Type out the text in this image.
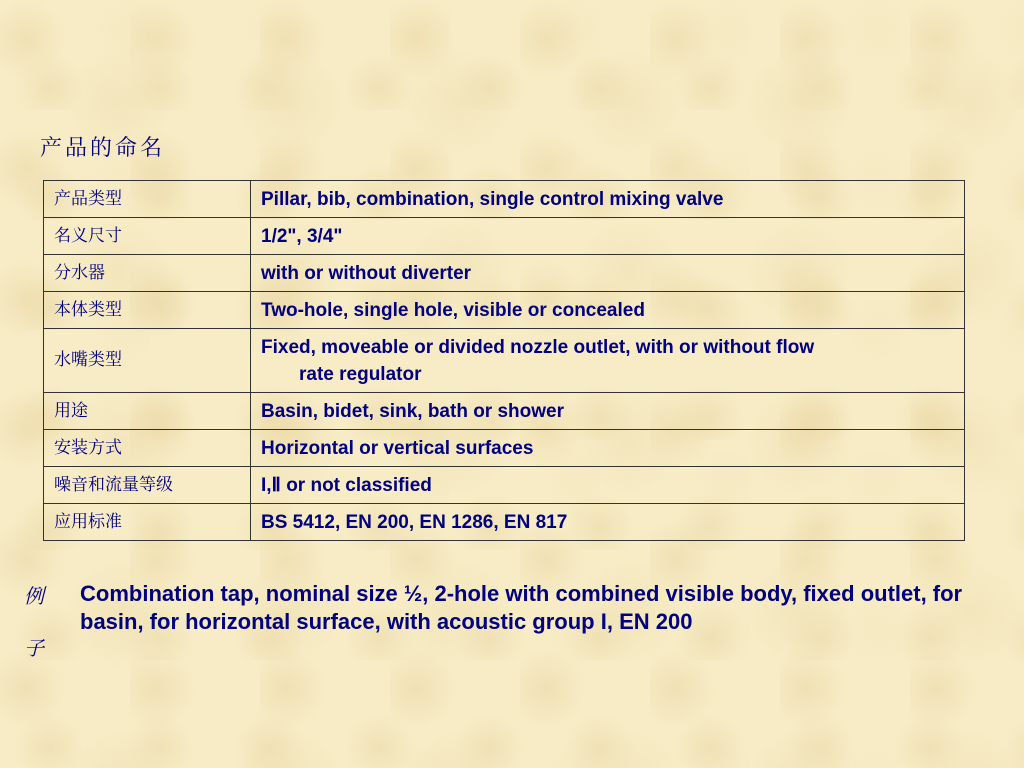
产品的命名
产品类型	Pillar, bib, combination, single control mixing valve
名义尺寸	1/2", 3/4"
分水器	with or without diverter
本体类型	Two-hole, single hole, visible or concealed
水嘴类型	Fixed, moveable or divided nozzle outlet, with or without flow
rate regulator

用途	Basin, bidet, sink, bath or shower
安装方式	Horizontal or vertical surfaces
噪音和流量等级	I,Ⅱ or not classified
应用标准	BS 5412, EN 200, EN 1286, EN 817
例
子
Combination tap, nominal size ½, 2-hole with combined visible body, fixed outlet, for basin, for horizontal surface, with acoustic group I, EN 200
